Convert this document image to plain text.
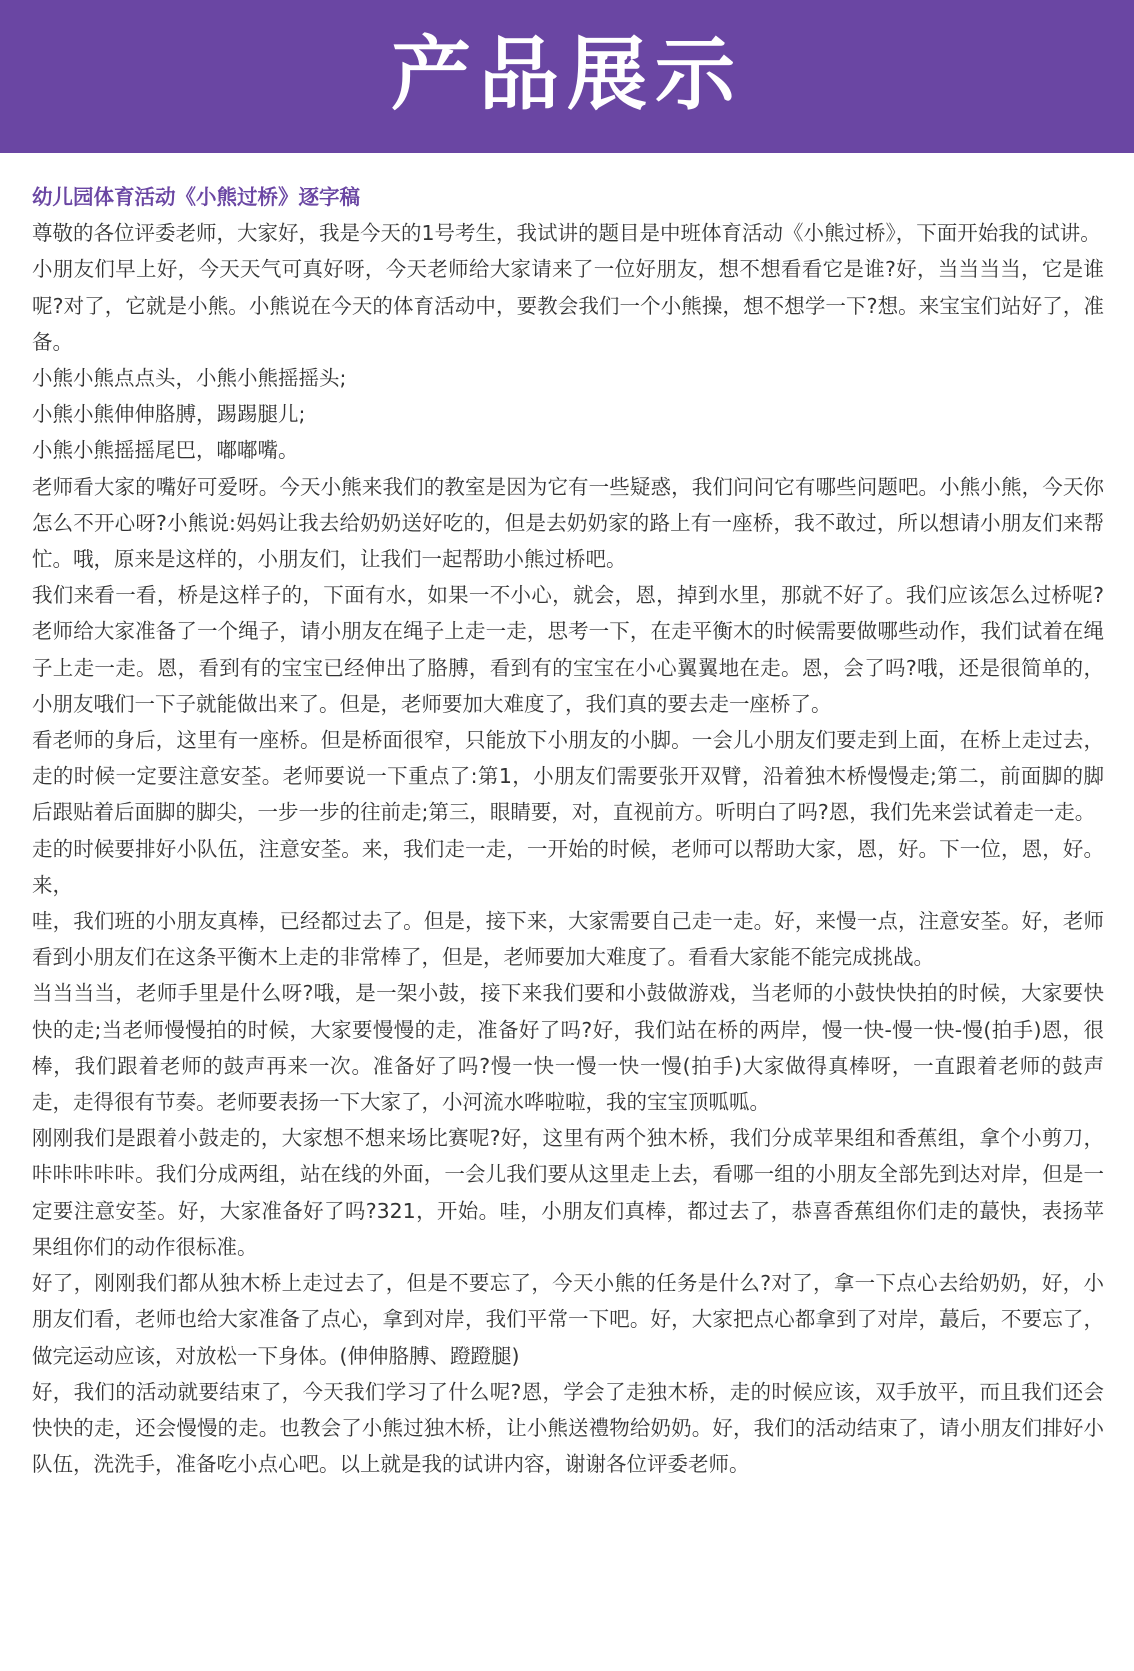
产品展示

幼儿园体育活动《小熊过桥》逐字稿

尊敬的各位评委老师，大家好，我是今天的1号考生，我试讲的题目是中班体育活动《小熊过桥》，下面开始我的试讲。

小朋友们早上好，今天天气可真好呀，今天老师给大家请来了一位好朋友，想不想看看它是谁?好，当当当当，它是谁呢?对了，它就是小熊。小熊说在今天的体育活动中，要教会我们一个小熊操，想不想学一下?想。来宝宝们站好了，准备。

小熊小熊点点头，小熊小熊摇摇头;

小熊小熊伸伸胳膊，踢踢腿儿;

小熊小熊摇摇尾巴，嘟嘟嘴。

老师看大家的嘴好可爱呀。今天小熊来我们的教室是因为它有一些疑惑，我们问问它有哪些问题吧。小熊小熊，今天你怎么不开心呀?小熊说:妈妈让我去给奶奶送好吃的，但是去奶奶家的路上有一座桥，我不敢过，所以想请小朋友们来帮忙。哦，原来是这样的，小朋友们，让我们一起帮助小熊过桥吧。

我们来看一看，桥是这样子的，下面有水，如果一不小心，就会，恩，掉到水里，那就不好了。我们应该怎么过桥呢?老师给大家准备了一个绳子，请小朋友在绳子上走一走，思考一下，在走平衡木的时候需要做哪些动作，我们试着在绳子上走一走。恩，看到有的宝宝已经伸出了胳膊，看到有的宝宝在小心翼翼地在走。恩，会了吗?哦，还是很简单的，小朋友哦们一下子就能做出来了。但是，老师要加大难度了，我们真的要去走一座桥了。

看老师的身后，这里有一座桥。但是桥面很窄，只能放下小朋友的小脚。一会儿小朋友们要走到上面，在桥上走过去，走的时候一定要注意安荃。老师要说一下重点了:第1，小朋友们需要张开双臂，沿着独木桥慢慢走;第二，前面脚的脚后跟贴着后面脚的脚尖，一步一步的往前走;第三，眼睛要，对，直视前方。听明白了吗?恩，我们先来尝试着走一走。

走的时候要排好小队伍，注意安荃。来，我们走一走，一开始的时候，老师可以帮助大家，恩，好。下一位，恩，好。来，

哇，我们班的小朋友真棒，已经都过去了。但是，接下来，大家需要自己走一走。好，来慢一点，注意安荃。好，老师看到小朋友们在这条平衡木上走的非常棒了，但是，老师要加大难度了。看看大家能不能完成挑战。

当当当当，老师手里是什么呀?哦，是一架小鼓，接下来我们要和小鼓做游戏，当老师的小鼓快快拍的时候，大家要快快的走;当老师慢慢拍的时候，大家要慢慢的走，准备好了吗?好，我们站在桥的两岸，慢一快-慢一快-慢(拍手)恩，很棒，我们跟着老师的鼓声再来一次。准备好了吗?慢一快一慢一快一慢(拍手)大家做得真棒呀，一直跟着老师的鼓声走，走得很有节奏。老师要表扬一下大家了，小河流水哗啦啦，我的宝宝顶呱呱。

刚刚我们是跟着小鼓走的，大家想不想来场比赛呢?好，这里有两个独木桥，我们分成苹果组和香蕉组，拿个小剪刀，咔咔咔咔咔。我们分成两组，站在线的外面，一会儿我们要从这里走上去，看哪一组的小朋友全部先到达对岸，但是一定要注意安荃。好，大家准备好了吗?321，开始。哇，小朋友们真棒，都过去了，恭喜香蕉组你们走的蕞快，表扬苹果组你们的动作很标准。

好了，刚刚我们都从独木桥上走过去了，但是不要忘了，今天小熊的任务是什么?对了，拿一下点心去给奶奶，好，小朋友们看，老师也给大家准备了点心，拿到对岸，我们平常一下吧。好，大家把点心都拿到了对岸，蕞后，不要忘了，做完运动应该，对放松一下身体。(伸伸胳膊、蹬蹬腿)

好，我们的活动就要结束了，今天我们学习了什么呢?恩，学会了走独木桥，走的时候应该，双手放平，而且我们还会快快的走，还会慢慢的走。也教会了小熊过独木桥，让小熊送禮物给奶奶。好，我们的活动结束了，请小朋友们排好小队伍，洗洗手，准备吃小点心吧。以上就是我的试讲内容，谢谢各位评委老师。
